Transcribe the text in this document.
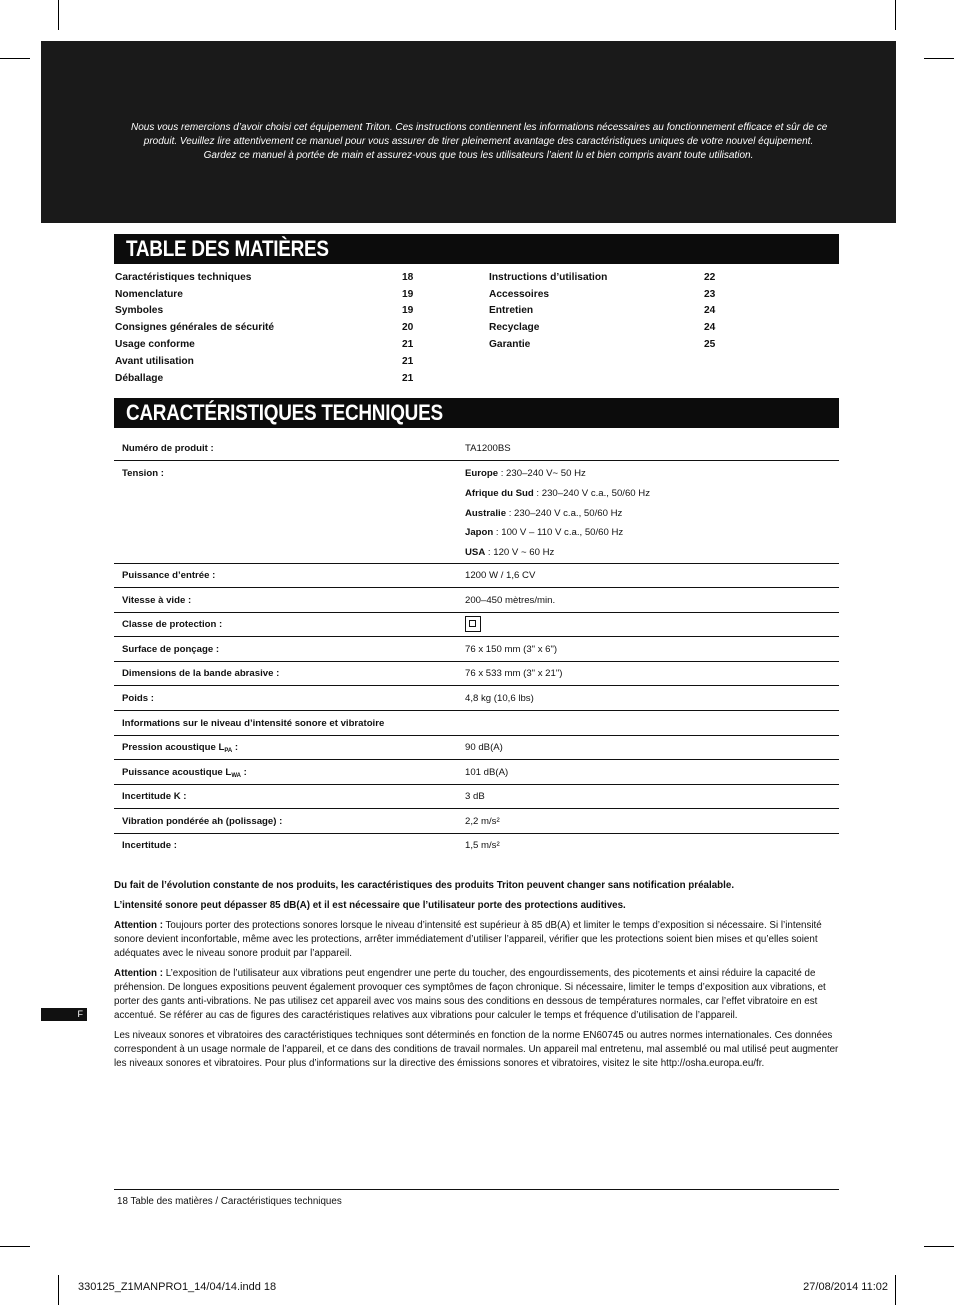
Nous vous remercions d’avoir choisi cet équipement Triton. Ces instructions contiennent les informations nécessaires au fonctionnement efficace et sûr de ce
produit. Veuillez lire attentivement ce manuel pour vous assurer de tirer pleinement avantage des caractéristiques uniques de votre nouvel équipement.
Gardez ce manuel à portée de main et assurez-vous que tous les utilisateurs l’aient lu et bien compris avant toute utilisation.
TABLE DES MATIÈRES
Caractéristiques techniques	18
Nomenclature	19
Symboles	19
Consignes générales de sécurité	20
Usage conforme	21
Avant utilisation	21
Déballage	21
Instructions d’utilisation	22
Accessoires	23
Entretien	24
Recyclage	24
Garantie	25
CARACTÉRISTIQUES TECHNIQUES
Numéro de produit :	TA1200BS
Tension :	Europe : 230–240 V~ 50 Hz
Afrique du Sud : 230–240 V c.a., 50/60 Hz
Australie : 230–240 V c.a., 50/60 Hz
Japon : 100 V – 110 V c.a., 50/60 Hz
USA : 120 V ~ 60 Hz
Puissance d’entrée :	1200 W / 1,6 CV
Vitesse à vide :	200–450 mètres/min.
Classe de protection :
Surface de ponçage :	76 x 150 mm (3" x 6")
Dimensions de la bande abrasive :	76 x 533 mm (3" x 21")
Poids :	4,8 kg (10,6 lbs)
Informations sur le niveau d’intensité sonore et vibratoire
Pression acoustique $L_{PA}$ :	90 dB(A)
Puissance acoustique $L_{WA}$ :	101 dB(A)
Incertitude K :	3 dB
Vibration pondérée ah (polissage) :	2,2 m/s²
Incertitude :	1,5 m/s²

Du fait de l’évolution constante de nos produits, les caractéristiques des produits Triton peuvent changer sans notification préalable.

L’intensité sonore peut dépasser 85 dB(A) et il est nécessaire que l’utilisateur porte des protections auditives.

Attention : Toujours porter des protections sonores lorsque le niveau d’intensité est supérieur à 85 dB(A) et limiter le temps d’exposition si nécessaire. Si l’intensité sonore devient inconfortable, même avec les protections, arrêter immédiatement d’utiliser l’appareil, vérifier que les protections soient bien mises et qu’elles soient adéquates avec le niveau sonore produit par l’appareil.

Attention : L’exposition de l’utilisateur aux vibrations peut engendrer une perte du toucher, des engourdissements, des picotements et ainsi réduire la capacité de préhension. De longues expositions peuvent également provoquer ces symptômes de façon chronique. Si nécessaire, limiter le temps d’exposition aux vibrations, et porter des gants anti-vibrations. Ne pas utilisez cet appareil avec vos mains sous des conditions en dessous de températures normales, car l’effet vibratoire en est accentué. Se référer au cas de figures des caractéristiques relatives aux vibrations pour calculer le temps et fréquence d’utilisation de l’appareil.

Les niveaux sonores et vibratoires des caractéristiques techniques sont déterminés en fonction de la norme EN60745 ou autres normes internationales. Ces données correspondent à un usage normale de l’appareil, et ce dans des conditions de travail normales. Un appareil mal entretenu, mal assemblé ou mal utilisé peut augmenter les niveaux sonores et vibratoires. Pour plus d’informations sur la directive des émissions sonores et vibratoires, visitez le site http://osha.europa.eu/fr.

F
18 Table des matières / Caractéristiques techniques
330125_Z1MANPRO1_14/04/14.indd 18	27/08/2014 11:02
